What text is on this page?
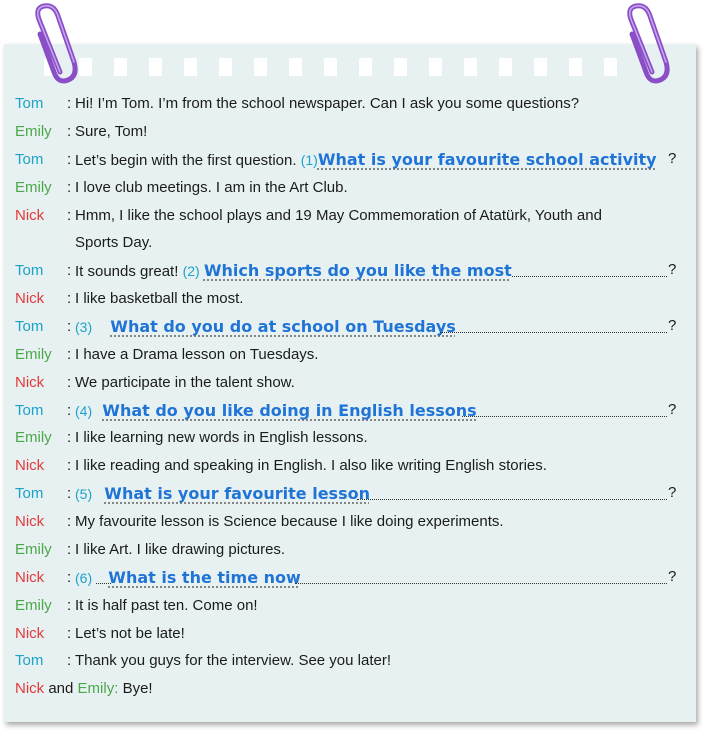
Tom : Hi! I’m Tom. I’m from the school newspaper. Can I ask you some questions?
Emily : Sure, Tom!
Tom : Let’s begin with the first question. (1)What is your favourite school activity ?
Emily : I love club meetings. I am in the Art Club.
Nick : Hmm, I like the school plays and 19 May Commemoration of Atatürk, Youth and
Sports Day.
Tom : It sounds great! (2) Which sports do you like the most	?
Nick : I like basketball the most.
Tom : (3) What do you do at school on Tuesdays	?
Emily : I have a Drama lesson on Tuesdays.
Nick : We participate in the talent show.
Tom : (4) What do you like doing in English lessons	?
Emily : I like learning new words in English lessons.
Nick : I like reading and speaking in English. I also like writing English stories.
Tom : (5) What is your favourite lesson	?
Nick : My favourite lesson is Science because I like doing experiments.
Emily : I like Art. I like drawing pictures.
Nick : (6) What is the time now	?
Emily : It is half past ten. Come on!
Nick : Let’s not be late!
Tom : Thank you guys for the interview. See you later!
Nick and Emily: Bye!
